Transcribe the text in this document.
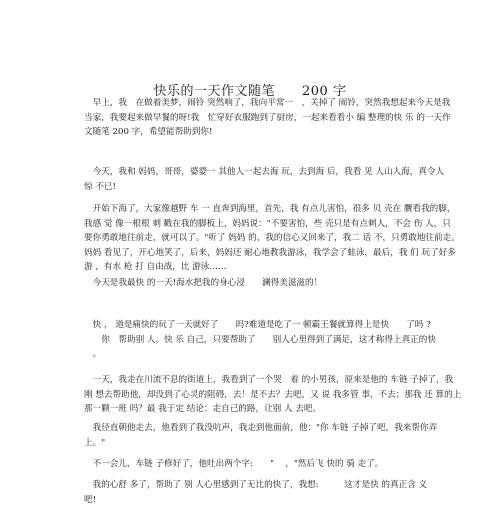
快乐的一天作文随笔　　200 字
　早上，我　在做着美梦，闹铃 突然响了，我向平常一　，关掉了 闹铃，突然我想起来今天是我
当家，我要起来做早餐的呀!我　忙穿好衣服跑到了厨房，一起来看看小 编 整理的快 乐 的一天作
文随笔 200 字，希望能帮助到你!
　今天，我和 妈妈，哥哥，婆婆一 其他人一起去海 玩，去到海 后，我看 见 人山人海，真令人
惊 不已!
　开始下海了，大家像越野 车 一 直奔到海里，首先，我 有点儿害怕，很多 贝 壳在 贋看我的脚，
我感 觉 像一根根 刺 戳在我的脚板上，妈妈说："不要害怕，些 壳只是有点刺人，不会 伤 人，只
要你勇敢地往前走，就可以了。"听了 妈妈 的，我的信心又回来了，我二 话 不，只勇敢地往前走。
妈妈 看见了，开心地笑了，后来，妈妈还 耐心地教我游泳，我学会了蛙泳，最后，我 们 玩了好多
游 ，有水 枪 打 自由战，比 游泳……
　今天是我最快 的一天!海水把我的身心浸　　澜得美滋滋的！
　快 ， 道是痛快的玩了一天就好了　　吗?难道是吃了一 顿霸王餐就算得上是快　　了吗 ?
　　你　帮助别 人，快 乐 自己，只要帮助了　　别人心里得到了满足，这才称得上真正的快
　。
　一天，我走在川流不息的街道上，我看到了一个哭　着 的小男孩，原来是他的 车链 子掉了，我
刚 想去帮助他，却没到了心灵的阻碍，去！是不去？去吧，又 说 我多管 事，不去；那我 还 算的上
那一颗一班 吗？最 我于定 结论：走自己的路，让别 人 去吧。
　我径直朝他走去，他看到了我没吭声，我走到他面前，他："你 车链 子掉了吧，我来帮你弄
上。"
　不一会儿，车链 子修好了，他吐出两个字:　　" 　，"然后飞 快的 骑 走了。
　我的心舒 多了，帮助了 别 人心里感到了无比的快了，我想:　　　这才是快 的真正含 义
吧!
